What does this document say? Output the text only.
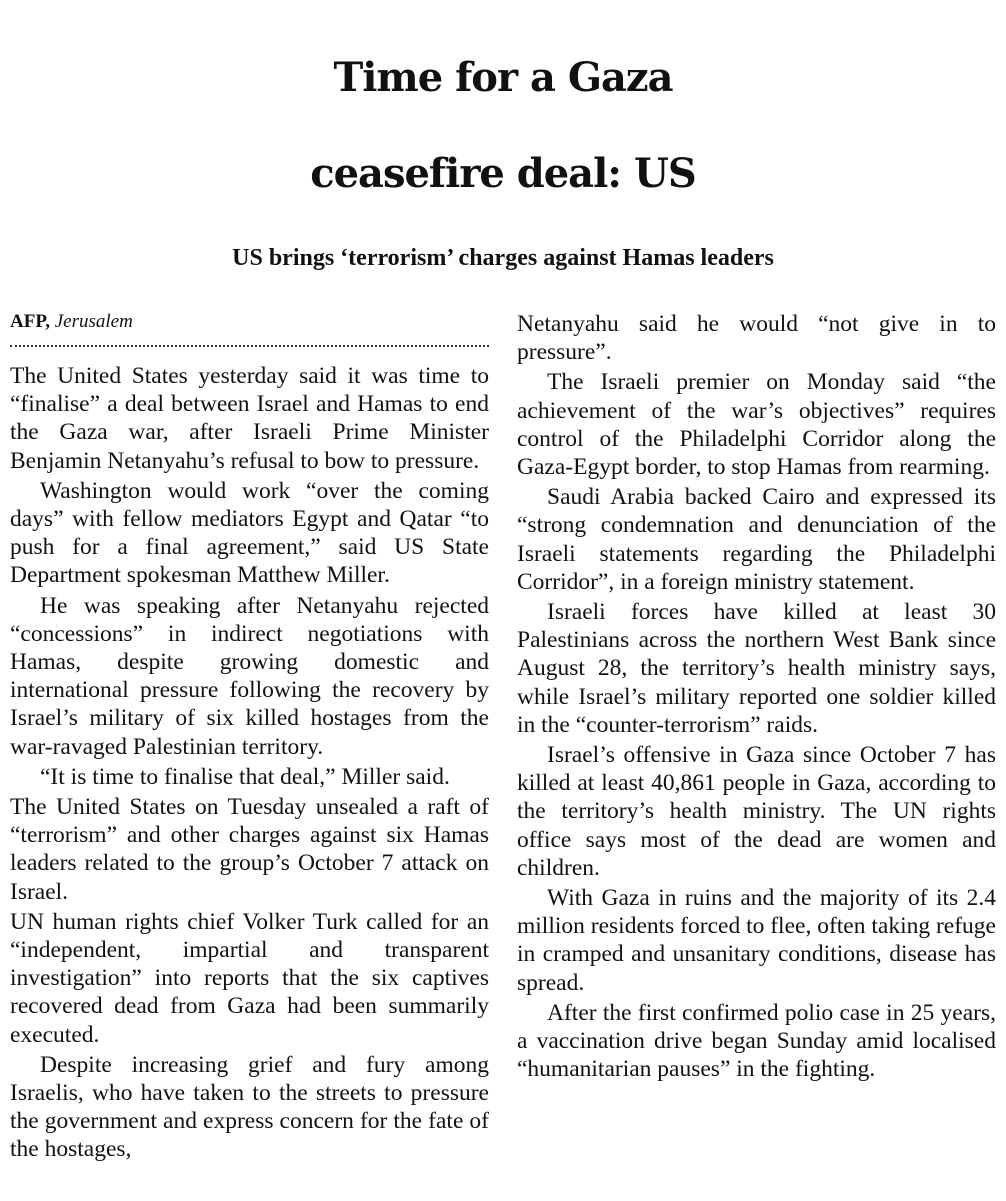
Time for a Gaza
ceasefire deal: US
US brings ‘terrorism’ charges against Hamas leaders
AFP, Jerusalem

The United States yesterday said it was time to “finalise” a deal between Israel and Hamas to end the Gaza war, after Israeli Prime Minister Benjamin Netanyahu’s refusal to bow to pressure.

Washington would work “over the coming days” with fellow mediators Egypt and Qatar “to push for a final agreement,” said US State Department spokesman Matthew Miller.

He was speaking after Netanyahu rejected “concessions” in indirect negotiations with Hamas, despite growing domestic and international pressure following the recovery by Israel’s military of six killed hostages from the war-ravaged Palestinian territory.

“It is time to finalise that deal,” Miller said.

The United States on Tuesday unsealed a raft of “terrorism” and other charges against six Hamas leaders related to the group’s October 7 attack on Israel.

UN human rights chief Volker Turk called for an “independent, impartial and transparent investigation” into reports that the six captives recovered dead from Gaza had been summarily executed.

Despite increasing grief and fury among Israelis, who have taken to the streets to pressure the government and express concern for the fate of the hostages,

Netanyahu said he would “not give in to pressure”.

The Israeli premier on Monday said “the achievement of the war’s objectives” requires control of the Philadelphi Corridor along the Gaza-Egypt border, to stop Hamas from rearming.

Saudi Arabia backed Cairo and expressed its “strong condemnation and denunciation of the Israeli statements regarding the Philadelphi Corridor”, in a foreign ministry statement.

Israeli forces have killed at least 30 Palestinians across the northern West Bank since August 28, the territory’s health ministry says, while Israel’s military reported one soldier killed in the “counter-terrorism” raids.

Israel’s offensive in Gaza since October 7 has killed at least 40,861 people in Gaza, according to the territory’s health ministry. The UN rights office says most of the dead are women and children.

With Gaza in ruins and the majority of its 2.4 million residents forced to flee, often taking refuge in cramped and unsanitary conditions, disease has spread.

After the first confirmed polio case in 25 years, a vaccination drive began Sunday amid localised “humanitarian pauses” in the fighting.
